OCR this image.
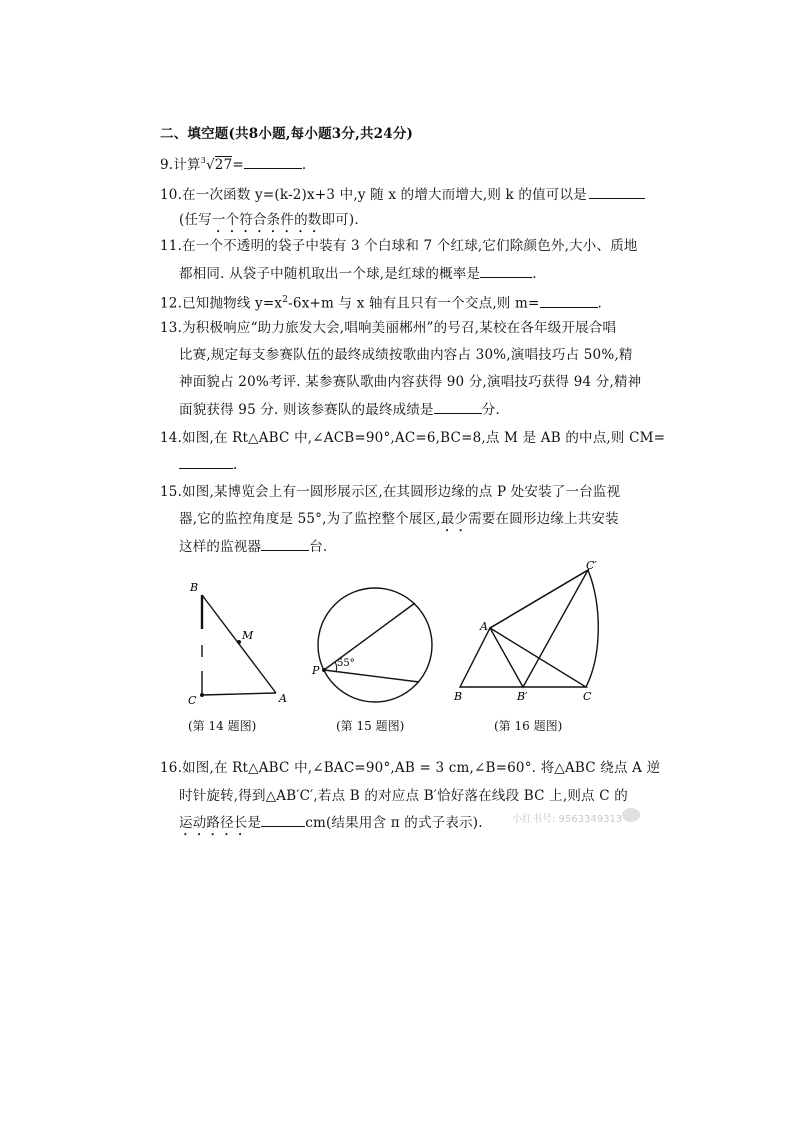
二、填空题(共8小题,每小题3分,共24分)
9.计算$^3$√27=	.
10.在一次函数 y=(k-2)x+3 中,y 随 x 的增大而增大,则 k 的值可以是
(任写一个符合条件的数即可).
11.在一个不透明的袋子中装有 3 个白球和 7 个红球,它们除颜色外,大小、质地
都相同. 从袋子中随机取出一个球,是红球的概率是	.
12.已知抛物线 $y=x^2-6x+m$ 与 x 轴有且只有一个交点,则 m=	.
13.为积极响应“助力旅发大会,唱响美丽郴州”的号召,某校在各年级开展合唱
比赛,规定每支参赛队伍的最终成绩按歌曲内容占 30%,演唱技巧占 50%,精
神面貌占 20%考评. 某参赛队歌曲内容获得 90 分,演唱技巧获得 94 分,精神
面貌获得 95 分. 则该参赛队的最终成绩是	分.
14.如图,在 Rt△ABC 中,∠ACB=90°,AC=6,BC=8,点 M 是 AB 的中点,则 CM=
.
15.如图,某博览会上有一圆形展示区,在其圆形边缘的点 P 处安装了一台监视
器,它的监控角度是 55°,为了监控整个展区,最少需要在圆形边缘上共安装
这样的监视器	台.
B
M
C	A
(第 14 题图)
P
55°
(第 15 题图)
C′
A
B	B′	C
(第 16 题图)
16.如图,在 Rt△ABC 中,∠BAC=90°,AB = 3 cm,∠B=60°. 将△ABC 绕点 A 逆
时针旋转,得到△AB′C′,若点 B 的对应点 B′恰好落在线段 BC 上,则点 C 的
运动路径长是	cm(结果用含 π 的式子表示).	小红书号: 9563349313
